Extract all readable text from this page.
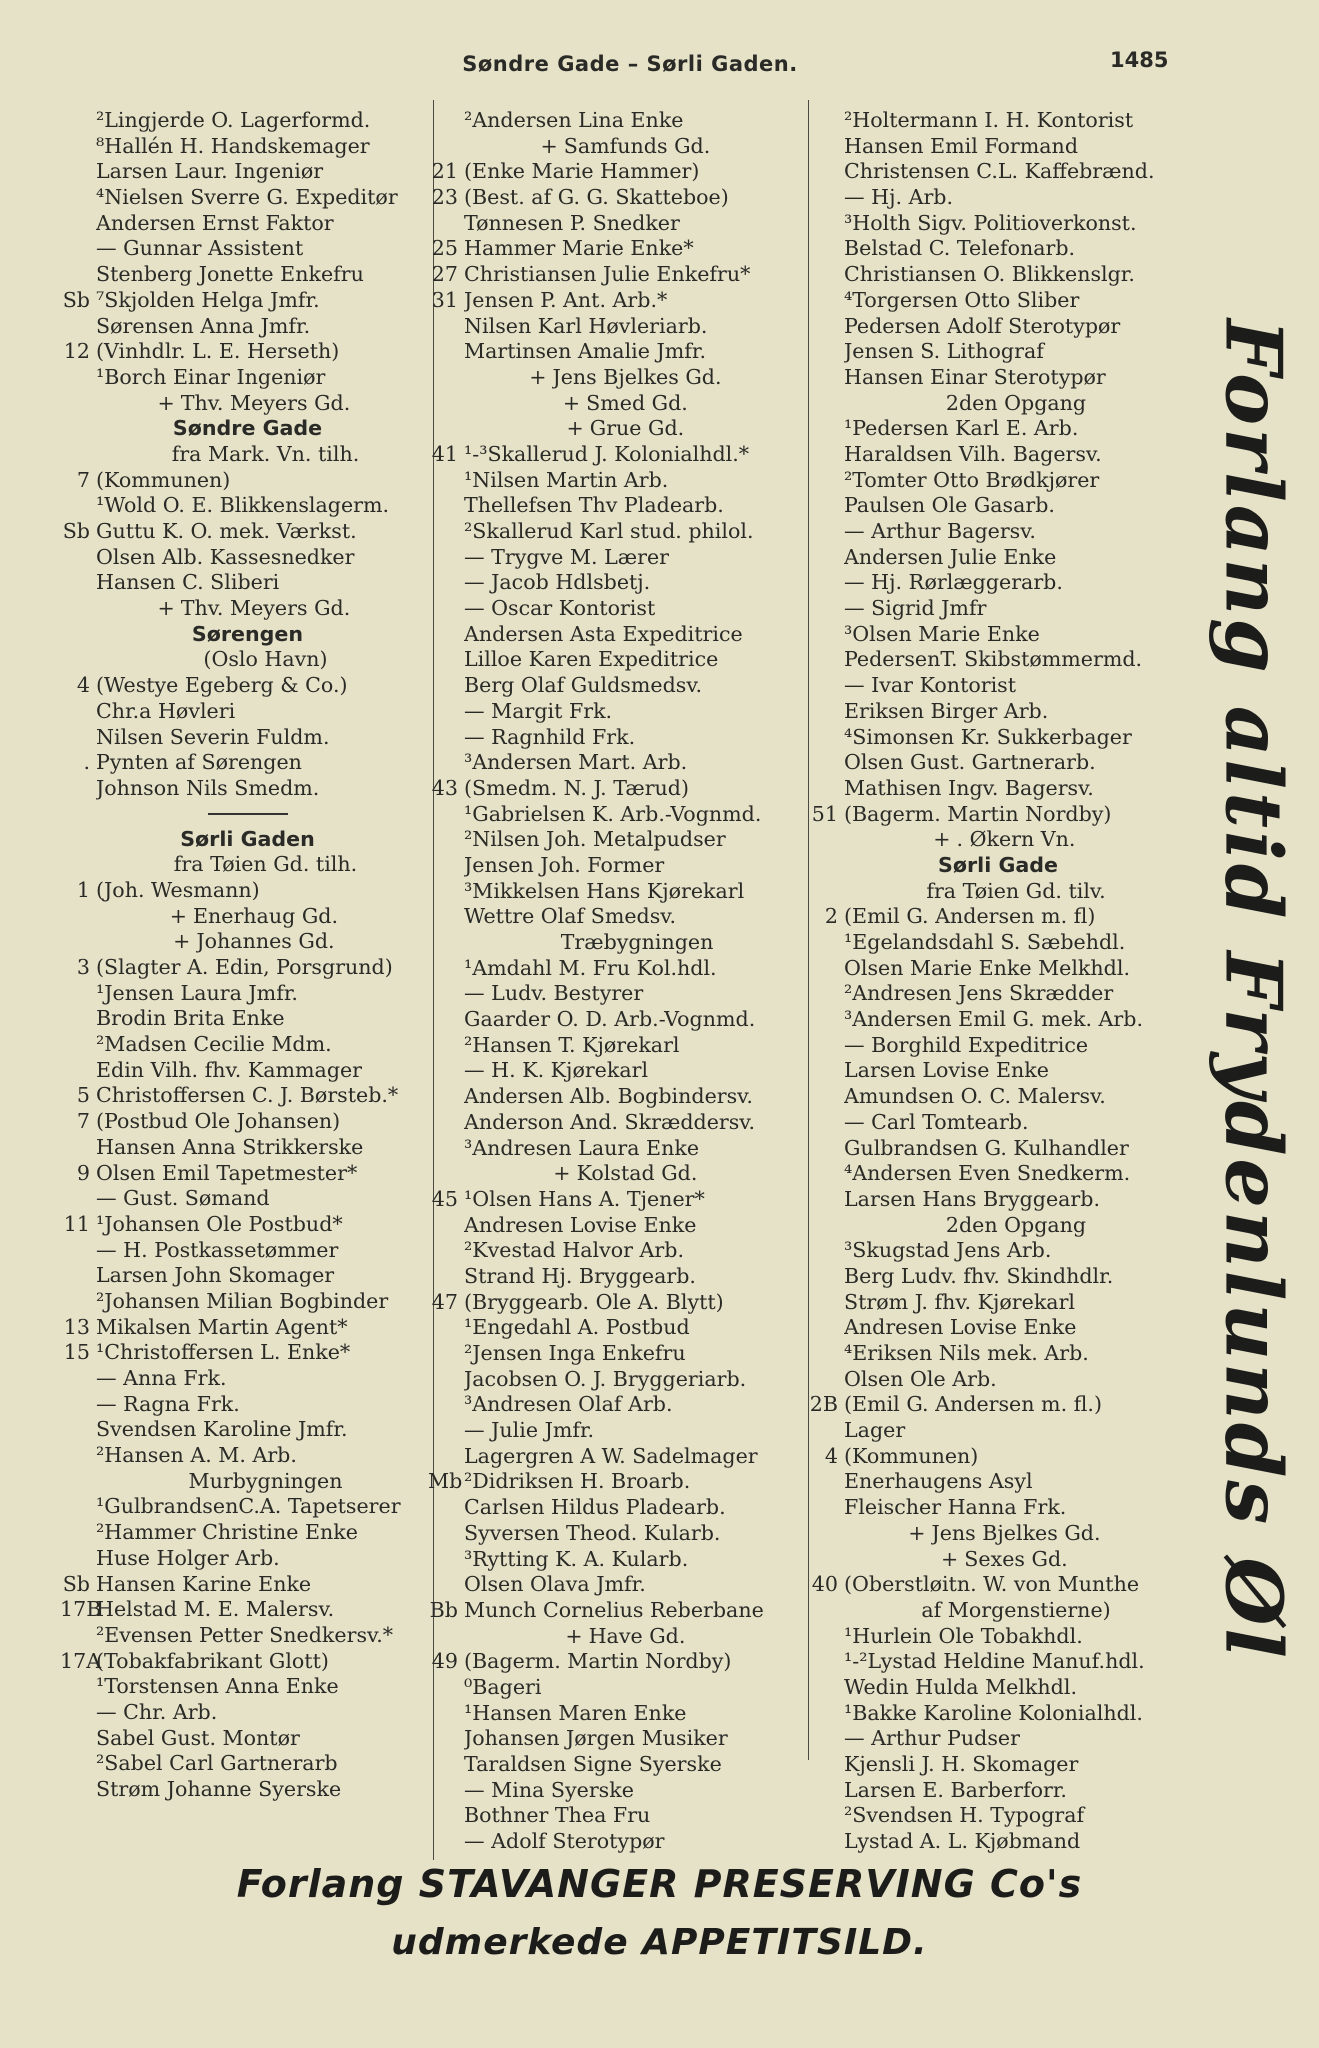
Søndre Gade – Sørli Gaden.	1485
²Lingjerde O. Lagerformd.
⁸Hallén H. Handskemager
Larsen Laur. Ingeniør
⁴Nielsen Sverre G. Expeditør
Andersen Ernst Faktor
— Gunnar Assistent
Stenberg Jonette Enkefru
Sb ⁷Skjolden Helga Jmfr.
Sørensen Anna Jmfr.
12 (Vinhdlr. L. E. Herseth)
¹Borch Einar Ingeniør
+ Thv. Meyers Gd.
Søndre Gade
fra Mark. Vn. tilh.
7 (Kommunen)
¹Wold O. E. Blikkenslagerm.
Sb Guttu K. O. mek. Værkst.
Olsen Alb. Kassesnedker
Hansen C. Sliberi
+ Thv. Meyers Gd.
Sørengen
(Oslo Havn)
4 (Westye Egeberg & Co.)
Chr.a Høvleri
Nilsen Severin Fuldm.
. Pynten af Sørengen
Johnson Nils Smedm.
Sørli Gaden
fra Tøien Gd. tilh.
1 (Joh. Wesmann)
+ Enerhaug Gd.
+ Johannes Gd.
3 (Slagter A. Edin, Porsgrund)
¹Jensen Laura Jmfr.
Brodin Brita Enke
²Madsen Cecilie Mdm.
Edin Vilh. fhv. Kammager
5 Christoffersen C. J. Børsteb.*
7 (Postbud Ole Johansen)
Hansen Anna Strikkerske
9 Olsen Emil Tapetmester*
— Gust. Sømand
11 ¹Johansen Ole Postbud*
— H. Postkassetømmer
Larsen John Skomager
²Johansen Milian Bogbinder
13 Mikalsen Martin Agent*
15 ¹Christoffersen L. Enke*
— Anna Frk.
— Ragna Frk.
Svendsen Karoline Jmfr.
²Hansen A. M. Arb.
Murbygningen
¹GulbrandsenC.A. Tapetserer
²Hammer Christine Enke
Huse Holger Arb.
Sb Hansen Karine Enke
17B
Helstad M. E. Malersv.
²Evensen Petter Snedkersv.*
17A
(Tobakfabrikant Glott)
¹Torstensen Anna Enke
— Chr. Arb.
Sabel Gust. Montør
²Sabel Carl Gartnerarb
Strøm Johanne Syerske
²Andersen Lina Enke
+ Samfunds Gd.
21 (Enke Marie Hammer)
23 (Best. af G. G. Skatteboe)
Tønnesen P. Snedker
25 Hammer Marie Enke*
27 Christiansen Julie Enkefru*
31 Jensen P. Ant. Arb.*
Nilsen Karl Høvleriarb.
Martinsen Amalie Jmfr.
+ Jens Bjelkes Gd.
+ Smed Gd.
+ Grue Gd.
41 ¹-³Skallerud J. Kolonialhdl.*
¹Nilsen Martin Arb.
Thellefsen Thv Pladearb.
²Skallerud Karl stud. philol.
— Trygve M. Lærer
— Jacob Hdlsbetj.
— Oscar Kontorist
Andersen Asta Expeditrice
Lilloe Karen Expeditrice
Berg Olaf Guldsmedsv.
— Margit Frk.
— Ragnhild Frk.
³Andersen Mart. Arb.
43 (Smedm. N. J. Tærud)
¹Gabrielsen K. Arb.-Vognmd.
²Nilsen Joh. Metalpudser
Jensen Joh. Former
³Mikkelsen Hans Kjørekarl
Wettre Olaf Smedsv.
Træbygningen
¹Amdahl M. Fru Kol.hdl.
— Ludv. Bestyrer
Gaarder O. D. Arb.-Vognmd.
²Hansen T. Kjørekarl
— H. K. Kjørekarl
Andersen Alb. Bogbindersv.
Anderson And. Skræddersv.
³Andresen Laura Enke
+ Kolstad Gd.
45 ¹Olsen Hans A. Tjener*
Andresen Lovise Enke
²Kvestad Halvor Arb.
Strand Hj. Bryggearb.
47 (Bryggearb. Ole A. Blytt)
¹Engedahl A. Postbud
²Jensen Inga Enkefru
Jacobsen O. J. Bryggeriarb.
³Andresen Olaf Arb.
— Julie Jmfr.
Lagergren A W. Sadelmager
Mb ²Didriksen H. Broarb.
Carlsen Hildus Pladearb.
Syversen Theod. Kularb.
³Rytting K. A. Kularb.
Olsen Olava Jmfr.
Bb Munch Cornelius Reberbane
+ Have Gd.
49 (Bagerm. Martin Nordby)
⁰Bageri
¹Hansen Maren Enke
Johansen Jørgen Musiker
Taraldsen Signe Syerske
— Mina Syerske
Bothner Thea Fru
— Adolf Sterotypør
²Holtermann I. H. Kontorist
Hansen Emil Formand
Christensen C.L. Kaffebrænd.
— Hj. Arb.
³Holth Sigv. Politioverkonst.
Belstad C. Telefonarb.
Christiansen O. Blikkenslgr.
⁴Torgersen Otto Sliber
Pedersen Adolf Sterotypør
Jensen S. Lithograf
Hansen Einar Sterotypør
2den Opgang
¹Pedersen Karl E. Arb.
Haraldsen Vilh. Bagersv.
²Tomter Otto Brødkjører
Paulsen Ole Gasarb.
— Arthur Bagersv.
Andersen Julie Enke
— Hj. Rørlæggerarb.
— Sigrid Jmfr
³Olsen Marie Enke
PedersenT. Skibstømmermd.
— Ivar Kontorist
Eriksen Birger Arb.
⁴Simonsen Kr. Sukkerbager
Olsen Gust. Gartnerarb.
Mathisen Ingv. Bagersv.
51 (Bagerm. Martin Nordby)
+ . Økern Vn.
Sørli Gade
fra Tøien Gd. tilv.
2 (Emil G. Andersen m. fl)
¹Egelandsdahl S. Sæbehdl.
Olsen Marie Enke Melkhdl.
²Andresen Jens Skrædder
³Andersen Emil G. mek. Arb.
— Borghild Expeditrice
Larsen Lovise Enke
Amundsen O. C. Malersv.
— Carl Tomtearb.
Gulbrandsen G. Kulhandler
⁴Andersen Even Snedkerm.
Larsen Hans Bryggearb.
2den Opgang
³Skugstad Jens Arb.
Berg Ludv. fhv. Skindhdlr.
Strøm J. fhv. Kjørekarl
Andresen Lovise Enke
⁴Eriksen Nils mek. Arb.
Olsen Ole Arb.
2B (Emil G. Andersen m. fl.)
Lager
4 (Kommunen)
Enerhaugens Asyl
Fleischer Hanna Frk.
+ Jens Bjelkes Gd.
+ Sexes Gd.
40 (Oberstløitn. W. von Munthe
af Morgenstierne)
¹Hurlein Ole Tobakhdl.
¹-²Lystad Heldine Manuf.hdl.
Wedin Hulda Melkhdl.
¹Bakke Karoline Kolonialhdl.
— Arthur Pudser
Kjensli J. H. Skomager
Larsen E. Barberforr.
²Svendsen H. Typograf
Lystad A. L. Kjøbmand
Forlang altid Frydenlunds Øl
Forlang STAVANGER PRESERVING Co's
udmerkede APPETITSILD.
